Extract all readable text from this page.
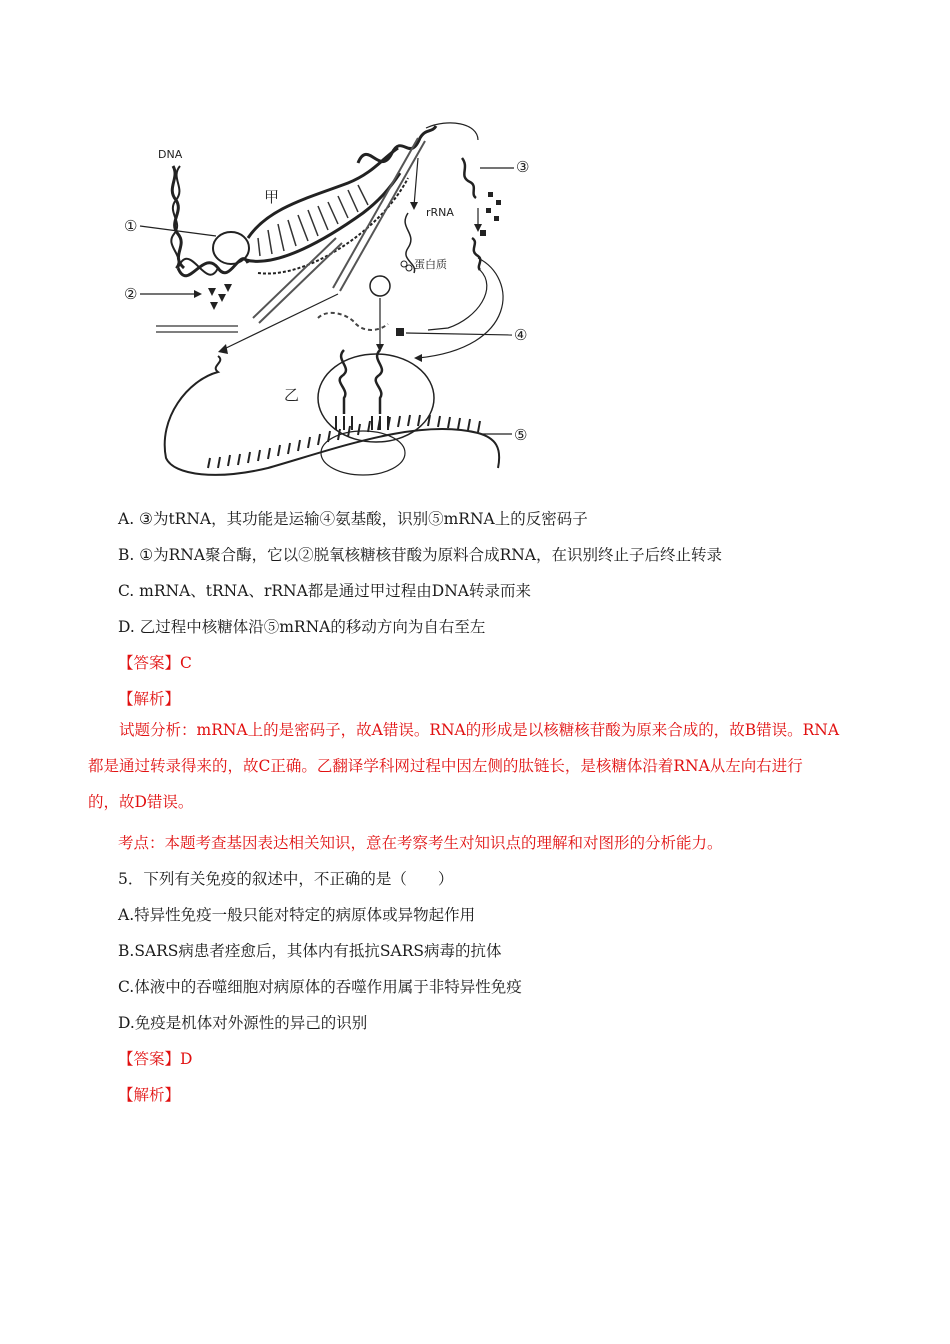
DNA
甲
①
②
rRNA
蛋白质
③
④
乙
⑤
A. ③为tRNA，其功能是运输④氨基酸，识别⑤mRNA上的反密码子
B. ①为RNA聚合酶，它以②脱氧核糖核苷酸为原料合成RNA，在识别终止子后终止转录
C. mRNA、tRNA、rRNA都是通过甲过程由DNA转录而来
D. 乙过程中核糖体沿⑤mRNA的移动方向为自右至左
【答案】C
【解析】
试题分析：mRNA上的是密码子，故A错误。RNA的形成是以核糖核苷酸为原来合成的，故B错误。RNA
都是通过转录得来的，故C正确。乙翻译学科网过程中因左侧的肽链长，是核糖体沿着RNA从左向右进行
的，故D错误。
考点：本题考查基因表达相关知识，意在考察考生对知识点的理解和对图形的分析能力。
5．下列有关免疫的叙述中，不正确的是（　　）
A.特异性免疫一般只能对特定的病原体或异物起作用
B.SARS病患者痊愈后，其体内有抵抗SARS病毒的抗体
C.体液中的吞噬细胞对病原体的吞噬作用属于非特异性免疫
D.免疫是机体对外源性的异己的识别
【答案】D
【解析】
